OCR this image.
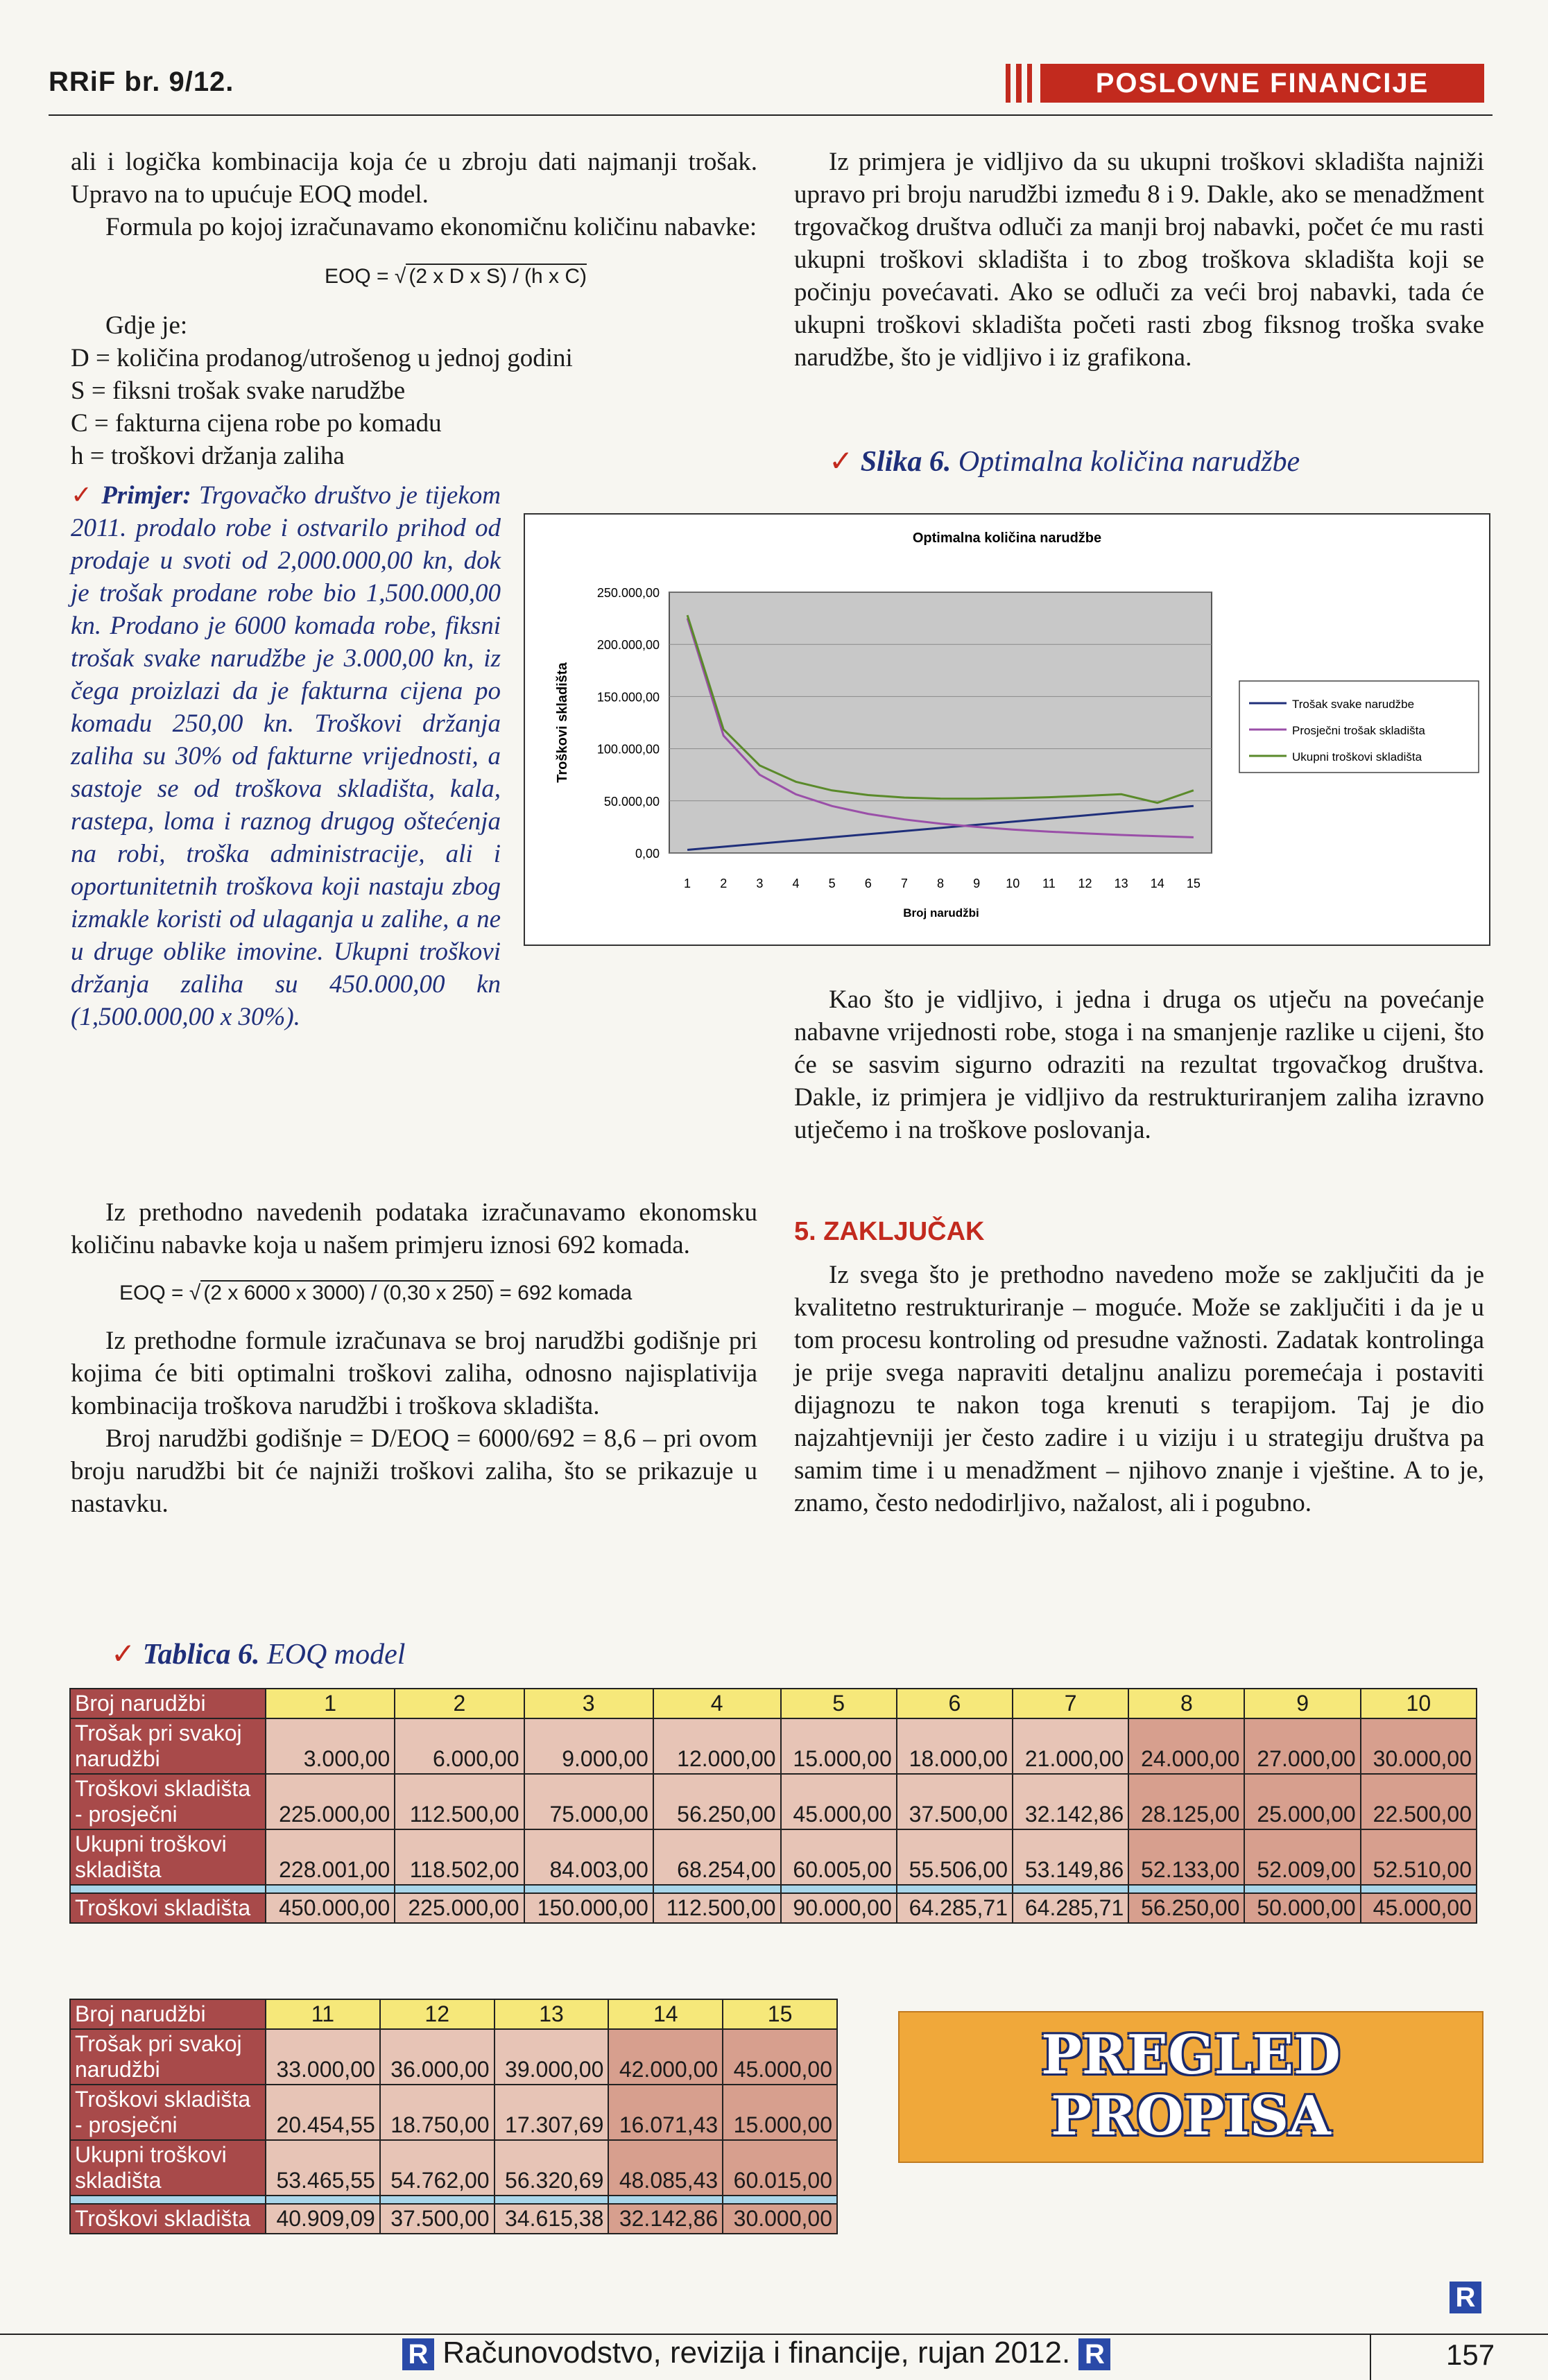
RRiF br. 9/12.	POSLOVNE FINANCIJE

ali i logička kombinacija koja će u zbroju dati najmanji trošak. Upravo na to upućuje EOQ model.

Formula po kojoj izračunavamo ekonomičnu količinu nabavke:

EOQ = √ (2 x D x S) / (h x C)

Gdje je:

D = količina prodanog/utrošenog u jednoj godini

S = fiksni trošak svake narudžbe

C = fakturna cijena robe po komadu

h = troškovi držanja zaliha

✓ Primjer: Trgovačko društvo je tijekom 2011. prodalo robe i ostvarilo prihod od prodaje u svoti od 2,000.000,00 kn, dok je trošak prodane robe bio 1,500.000,00 kn. Prodano je 6000 komada robe, fiksni trošak svake narudžbe je 3.000,00 kn, iz čega proizlazi da je fakturna cijena po komadu 250,00 kn. Troškovi držanja zaliha su 30% od fakturne vrijednosti, a sastoje se od troškova skladišta, kala, rastepa, loma i raznog drugog oštećenja na robi, troška administracije, ali i oportunitetnih troškova koji nastaju zbog izmakle koristi od ulaganja u zalihe, a ne u druge oblike imovine. Ukupni troškovi držanja zaliha su 450.000,00 kn (1,500.000,00 x 30%).

Iz prethodno navedenih podataka izračunavamo ekonomsku količinu nabavke koja u našem primjeru iznosi 692 komada.

EOQ = √ (2 x 6000 x 3000) / (0,30 x 250) = 692 komada

Iz prethodne formule izračunava se broj narudžbi godišnje pri kojima će biti optimalni troškovi zaliha, odnosno najisplativija kombinacija troškova narudžbi i troškova skladišta.

Broj narudžbi godišnje = D/EOQ = 6000/692 = 8,6 – pri ovom broju narudžbi bit će najniži troškovi zaliha, što se prikazuje u nastavku.

Iz primjera je vidljivo da su ukupni troškovi skladišta najniži upravo pri broju narudžbi između 8 i 9. Dakle, ako se menadžment trgovačkog društva odluči za manji broj nabavki, počet će mu rasti ukupni troškovi skladišta i to zbog troškova skladišta koji se počinju povećavati. Ako se odluči za veći broj nabavki, tada će ukupni troškovi skladišta početi rasti zbog fiksnog troška svake narudžbe, što je vidljivo i iz grafikona.

✓ Slika 6. Optimalna količina narudžbe
Optimalna količina narudžbe
0,00
50.000,00
100.000,00
150.000,00
200.000,00
250.000,00
1 2 3 4 5 6 7 8 9 10 11 12 13 14 15
Broj narudžbi
Troškovi skladišta	Trošak svake narudžbe
Prosječni trošak skladišta
Ukupni troškovi skladišta

Kao što je vidljivo, i jedna i druga os utječu na povećanje nabavne vrijednosti robe, stoga i na smanjenje razlike u cijeni, što će se sasvim sigurno odraziti na rezultat trgovačkog društva. Dakle, iz primjera je vidljivo da restrukturiranjem zaliha izravno utječemo i na troškove poslovanja.

5. ZAKLJUČAK

Iz svega što je prethodno navedeno može se zaključiti da je kvalitetno restrukturiranje – moguće. Može se zaključiti i da je u tom procesu kontroling od presudne važnosti. Zadatak kontrolinga je prije svega napraviti detaljnu analizu poremećaja i postaviti dijagnozu te nakon toga krenuti s terapijom. Taj je dio najzahtjevniji jer često zadire i u viziju i u strategiju društva pa samim time i u menadžment – njihovo znanje i vještine. A to je, znamo, često nedodirljivo, nažalost, ali i pogubno.

✓ Tablica 6. EOQ model
Broj narudžbi	1	2	3	4	5	6	7	8	9	10
Trošak pri svakoj narudžbi	3.000,00	6.000,00	9.000,00	12.000,00	15.000,00	18.000,00	21.000,00	24.000,00	27.000,00	30.000,00
Troškovi skladišta - prosječni	225.000,00	112.500,00	75.000,00	56.250,00	45.000,00	37.500,00	32.142,86	28.125,00	25.000,00	22.500,00
Ukupni troškovi skladišta	228.001,00	118.502,00	84.003,00	68.254,00	60.005,00	55.506,00	53.149,86	52.133,00	52.009,00	52.510,00

Troškovi skladišta	450.000,00	225.000,00	150.000,00	112.500,00	90.000,00	64.285,71	64.285,71	56.250,00	50.000,00	45.000,00
Broj narudžbi	11	12	13	14	15
Trošak pri svakoj narudžbi	33.000,00	36.000,00	39.000,00	42.000,00	45.000,00
Troškovi skladišta - prosječni	20.454,55	18.750,00	17.307,69	16.071,43	15.000,00
Ukupni troškovi skladišta	53.465,55	54.762,00	56.320,69	48.085,43	60.015,00

Troškovi skladišta	40.909,09	37.500,00	34.615,38	32.142,86	30.000,00
PREGLED
PROPISA
R
R Računovodstvo, revizija i financije, rujan 2012. R	157
